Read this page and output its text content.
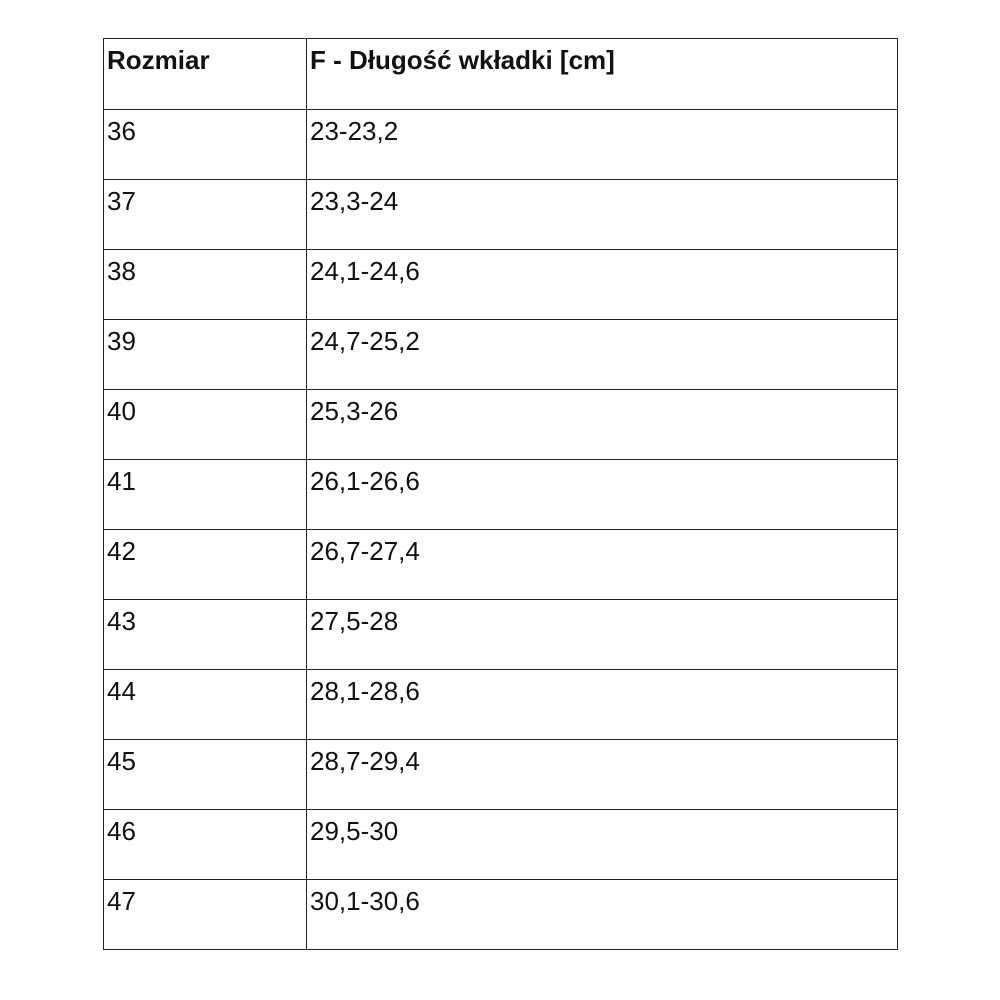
Rozmiar	F - Długość wkładki [cm]
36	23-23,2
37	23,3-24
38	24,1-24,6
39	24,7-25,2
40	25,3-26
41	26,1-26,6
42	26,7-27,4
43	27,5-28
44	28,1-28,6
45	28,7-29,4
46	29,5-30
47	30,1-30,6
